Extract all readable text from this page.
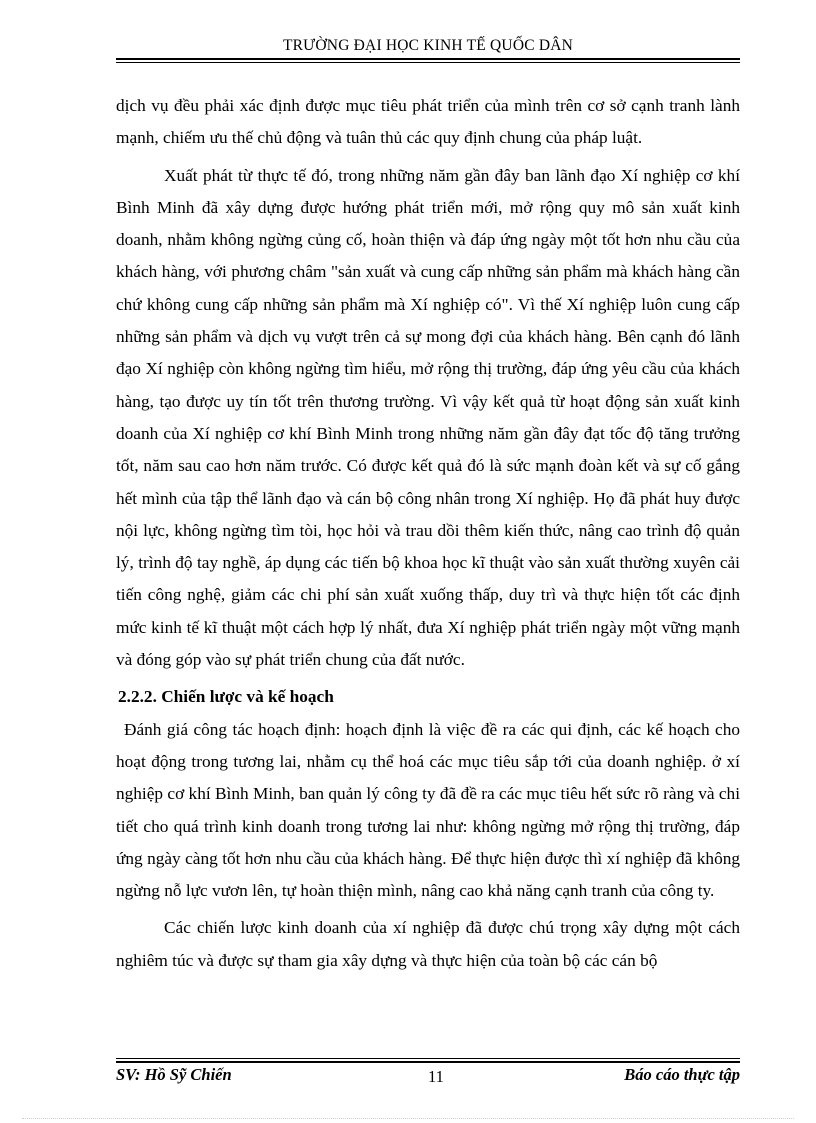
TRƯỜNG ĐẠI HỌC KINH TẾ QUỐC DÂN

dịch vụ đều phải xác định được mục tiêu phát triển của mình trên cơ sở cạnh tranh lành mạnh, chiếm ưu thế chủ động và tuân thủ các quy định chung của pháp luật.

Xuất phát từ thực tế đó, trong những năm gần đây ban lãnh đạo Xí nghiệp cơ khí Bình Minh đã xây dựng được hướng phát triển mới, mở rộng quy mô sản xuất kinh doanh, nhằm không ngừng củng cố, hoàn thiện và đáp ứng ngày một tốt hơn nhu cầu của khách hàng, với phương châm "sản xuất và cung cấp những sản phẩm mà khách hàng cần chứ không cung cấp những sản phẩm mà Xí nghiệp có". Vì thế Xí nghiệp luôn cung cấp những sản phẩm và dịch vụ vượt trên cả sự mong đợi của khách hàng. Bên cạnh đó lãnh đạo Xí nghiệp còn không ngừng tìm hiểu, mở rộng thị trường, đáp ứng yêu cầu của khách hàng, tạo được uy tín tốt trên thương trường. Vì vậy kết quả từ hoạt động sản xuất kinh doanh của Xí nghiệp cơ khí Bình Minh trong những năm gần đây đạt tốc độ tăng trưởng tốt, năm sau cao hơn năm trước. Có được kết quả đó là sức mạnh đoàn kết và sự cố gắng hết mình của tập thể lãnh đạo và cán bộ công nhân trong Xí nghiệp. Họ đã phát huy được nội lực, không ngừng tìm tòi, học hỏi và trau dồi thêm kiến thức, nâng cao trình độ quản lý, trình độ tay nghề, áp dụng các tiến bộ khoa học kĩ thuật vào sản xuất thường xuyên cải tiến công nghệ, giảm các chi phí sản xuất xuống thấp, duy trì và thực hiện tốt các định mức kinh tế kĩ thuật một cách hợp lý nhất, đưa Xí nghiệp phát triển ngày một vững mạnh và đóng góp vào sự phát triển chung của đất nước.

2.2.2. Chiến lược và kế hoạch

Đánh giá công tác hoạch định: hoạch định là việc đề ra các qui định, các kế hoạch cho hoạt động trong tương lai, nhằm cụ thể hoá các mục tiêu sắp tới của doanh nghiệp. ở xí nghiệp cơ khí Bình Minh, ban quản lý công ty đã đề ra các mục tiêu hết sức rõ ràng và chi tiết cho quá trình kinh doanh trong tương lai như: không ngừng mở rộng thị trường, đáp ứng ngày càng tốt hơn nhu cầu của khách hàng. Để thực hiện được thì xí nghiệp đã không ngừng nỗ lực vươn lên, tự hoàn thiện mình, nâng cao khả năng cạnh tranh của công ty.

Các chiến lược kinh doanh của xí nghiệp đã được chú trọng xây dựng một cách nghiêm túc và được sự tham gia xây dựng và thực hiện của toàn bộ các cán bộ

SV: Hồ Sỹ Chiến	11	Báo cáo thực tập
